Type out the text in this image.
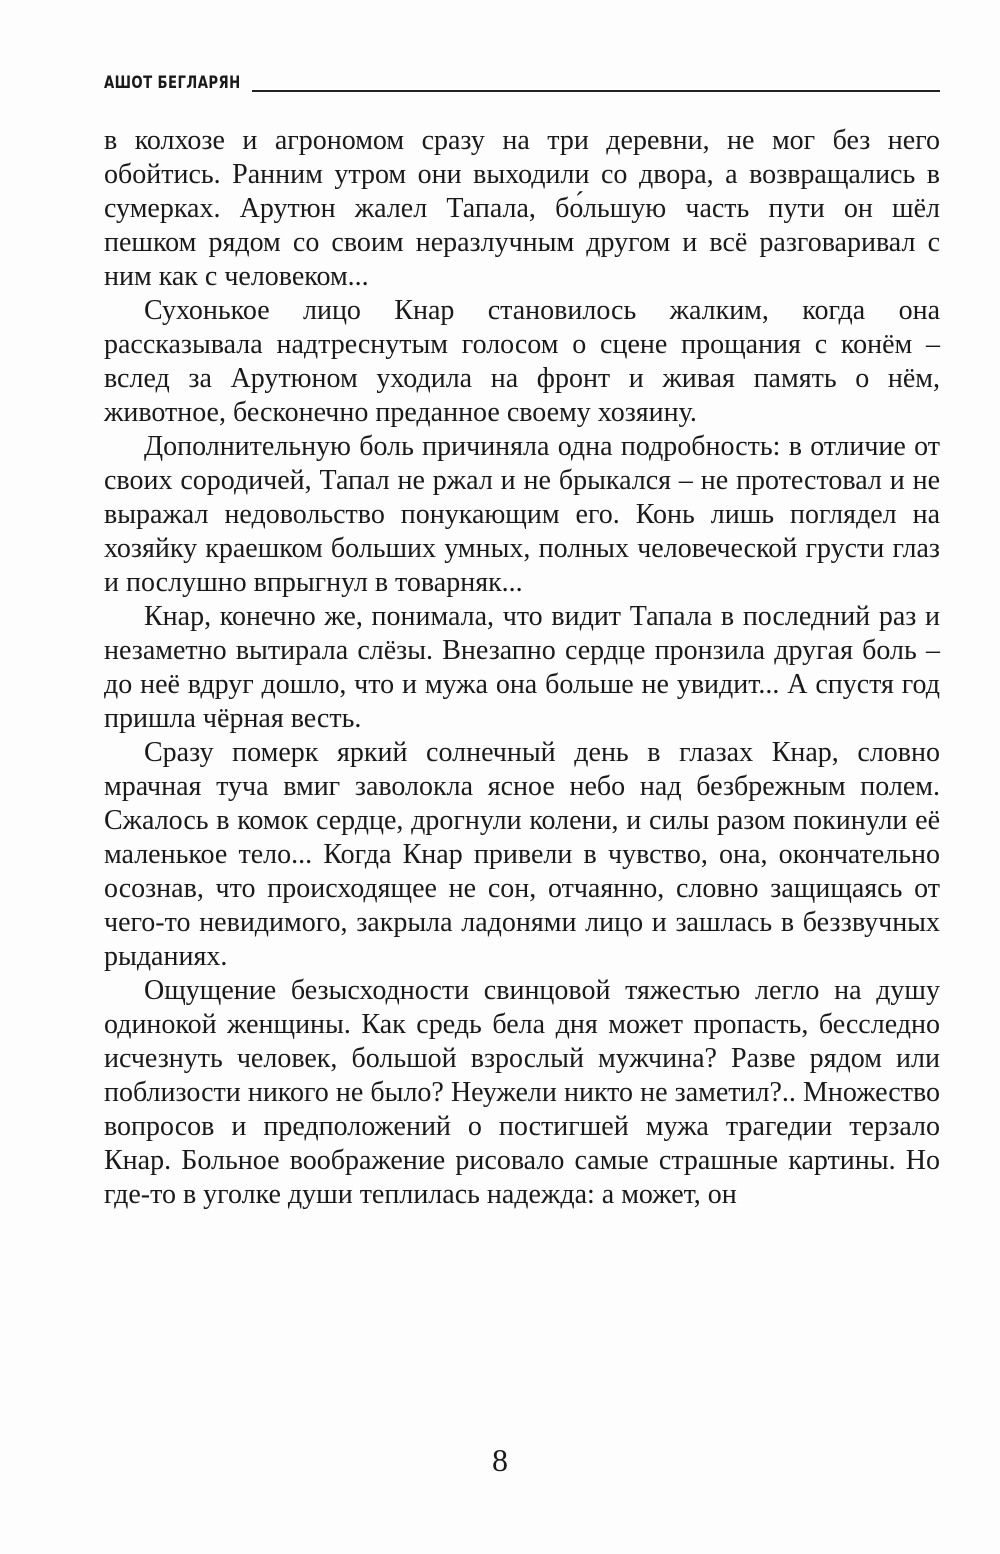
АШОТ БЕГЛАРЯН

в колхозе и агрономом сразу на три деревни, не мог без него обойтись. Ранним утром они выходили со двора, а возвращались в сумерках. Арутюн жалел Тапала, бо́льшую часть пути он шёл пешком рядом со своим неразлучным другом и всё разговаривал с ним как с человеком...

Сухонькое лицо Кнар становилось жалким, когда она рассказывала надтреснутым голосом о сцене прощания с конём – вслед за Арутюном уходила на фронт и живая память о нём, животное, бесконечно преданное своему хозяину.

Дополнительную боль причиняла одна подробность: в отличие от своих сородичей, Тапал не ржал и не брыкался – не протестовал и не выражал недовольство понукающим его. Конь лишь поглядел на хозяйку краешком больших умных, полных человеческой грусти глаз и послушно впрыгнул в товарняк...

Кнар, конечно же, понимала, что видит Тапала в последний раз и незаметно вытирала слёзы. Внезапно сердце пронзила другая боль – до неё вдруг дошло, что и мужа она больше не увидит... А спустя год пришла чёрная весть.

Сразу померк яркий солнечный день в глазах Кнар, словно мрачная туча вмиг заволокла ясное небо над безбрежным полем. Сжалось в комок сердце, дрогнули колени, и силы разом покинули её маленькое тело... Когда Кнар привели в чувство, она, окончательно осознав, что происходящее не сон, отчаянно, словно защищаясь от чего-то невидимого, закрыла ладонями лицо и зашлась в беззвучных рыданиях.

Ощущение безысходности свинцовой тяжестью легло на душу одинокой женщины. Как средь бела дня может пропасть, бесследно исчезнуть человек, большой взрослый мужчина? Разве рядом или поблизости никого не было? Неужели никто не заметил?.. Множество вопросов и предположений о постигшей мужа трагедии терзало Кнар. Больное воображение рисовало самые страшные картины. Но где-то в уголке души теплилась надежда: а может, он

8
